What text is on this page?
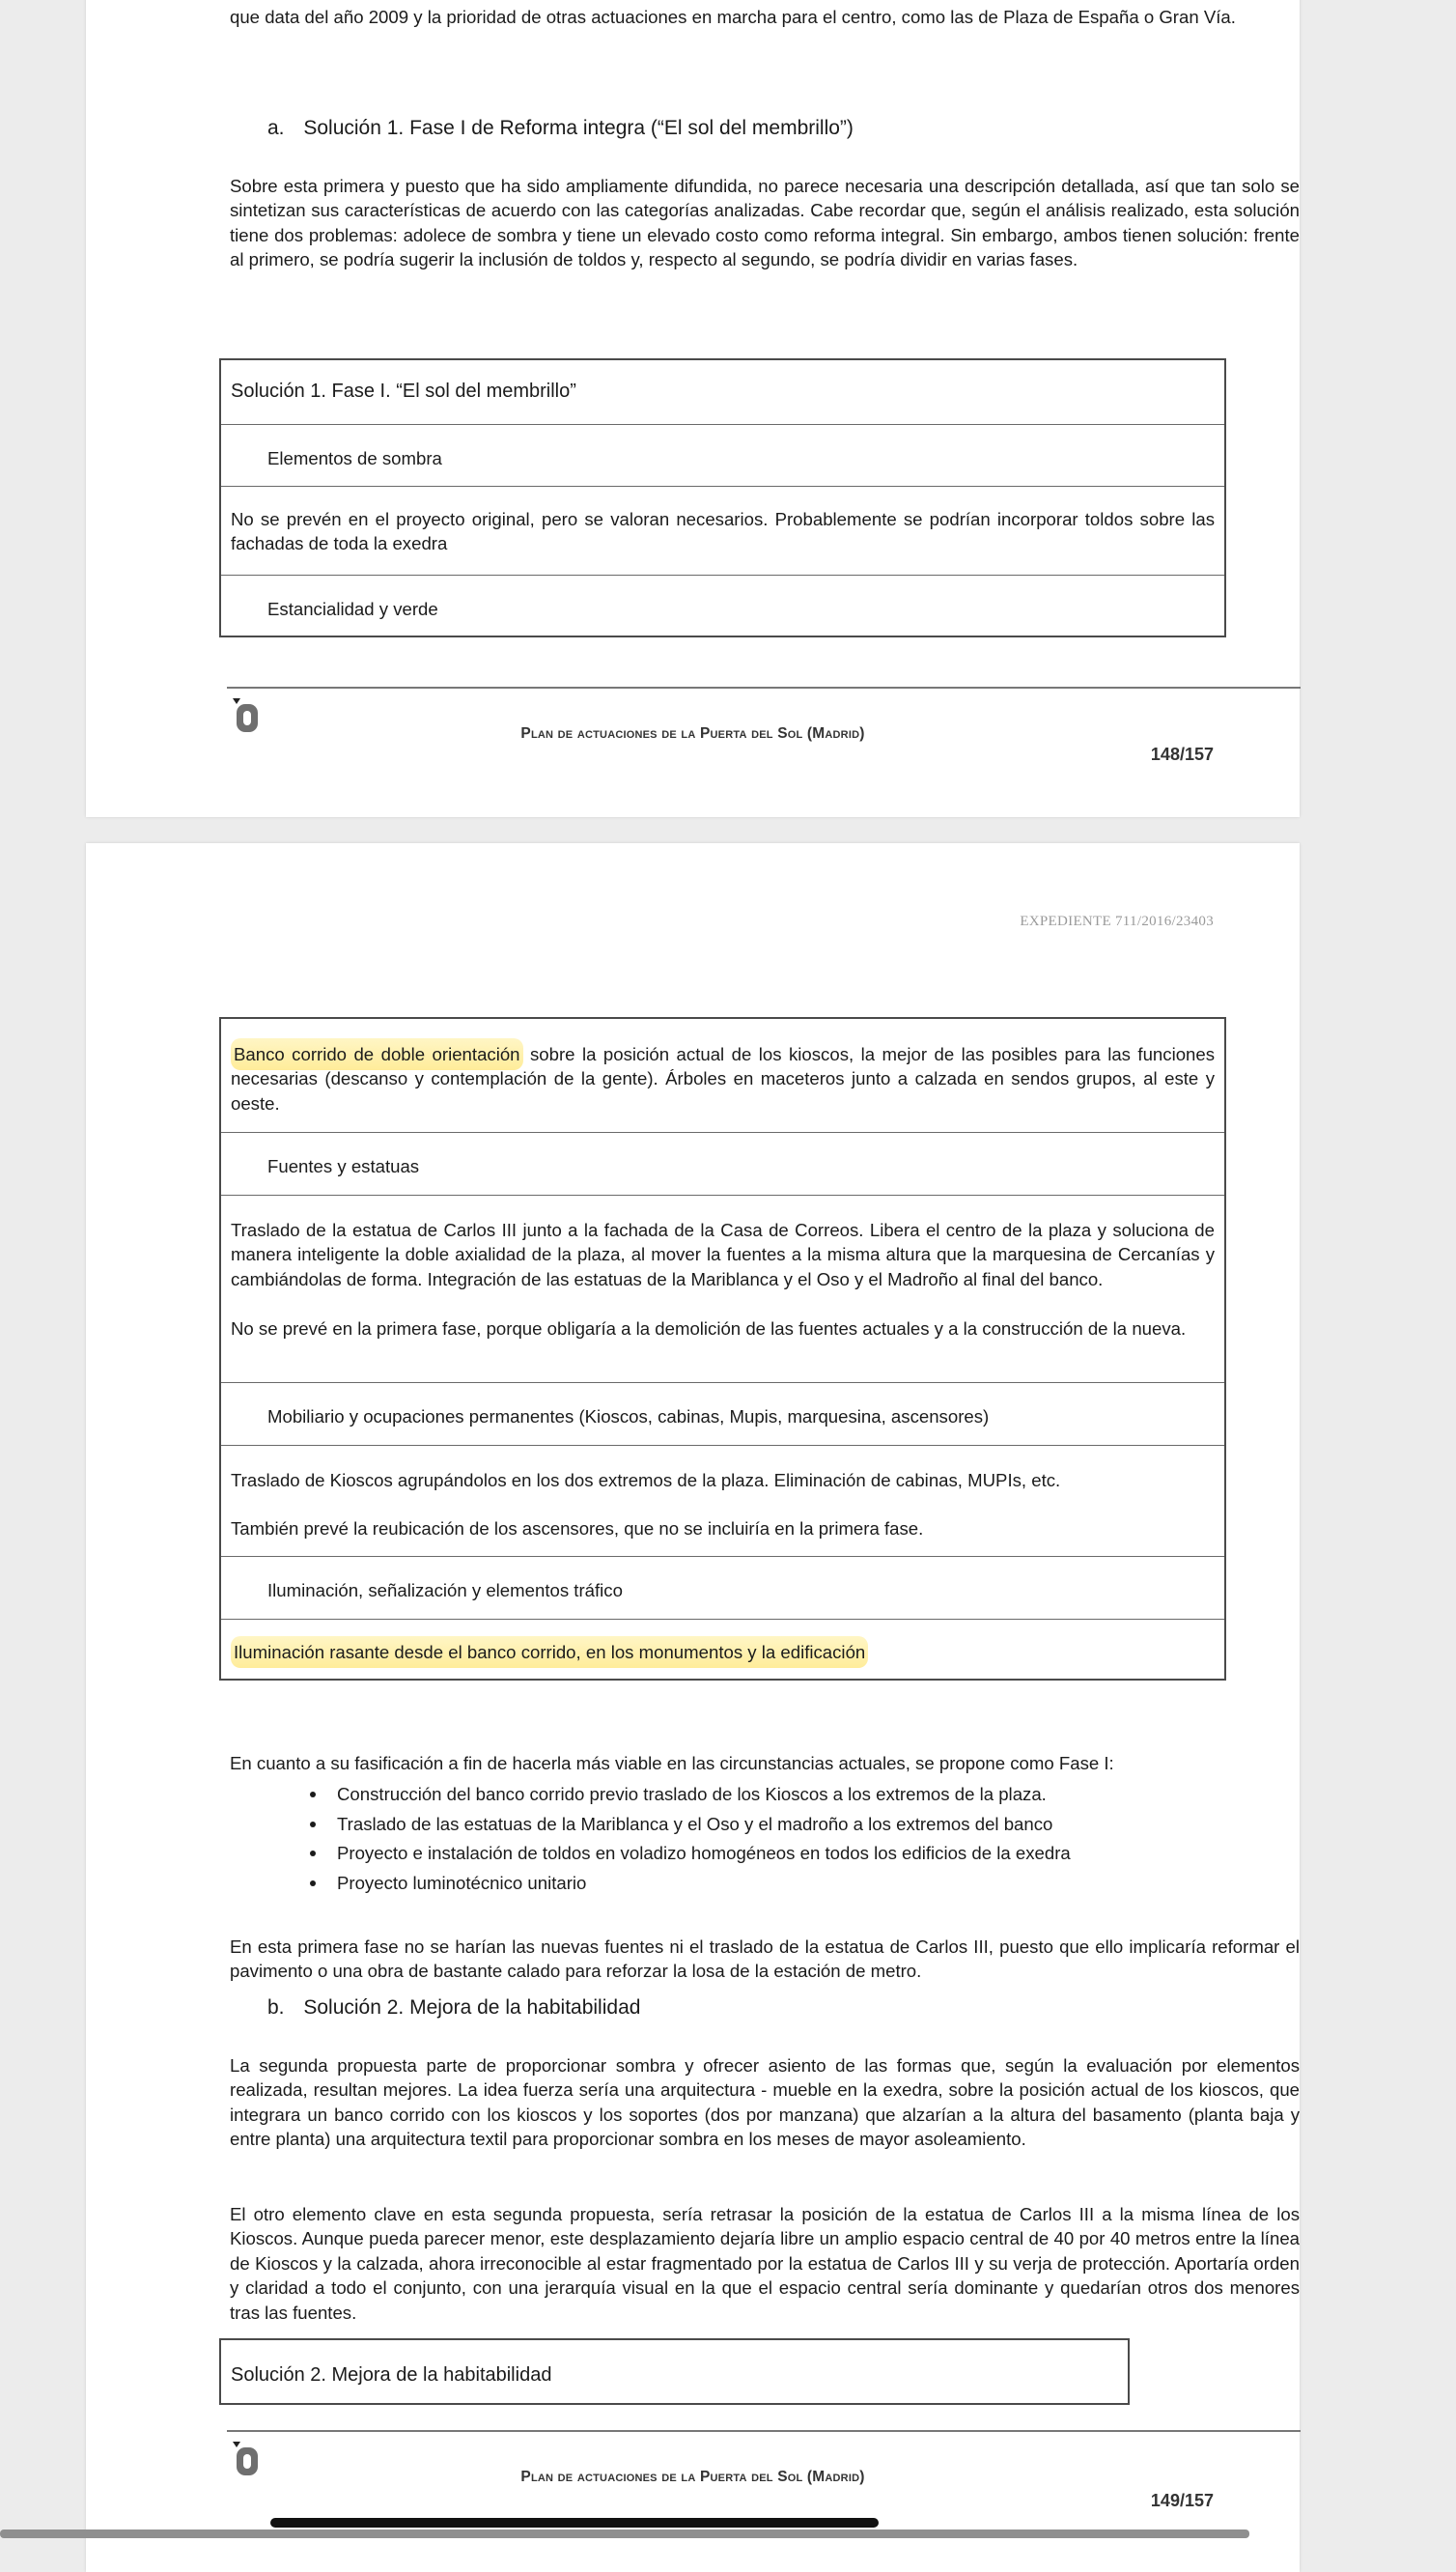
que data del año 2009 y la prioridad de otras actuaciones en marcha para el centro, como las de Plaza de España o Gran Vía.
a. Solución 1. Fase I de Reforma integra (“El sol del membrillo”)
Sobre esta primera y puesto que ha sido ampliamente difundida, no parece necesaria una descripción detallada, así que tan solo se sintetizan sus características de acuerdo con las categorías analizadas. Cabe recordar que, según el análisis realizado, esta solución tiene dos problemas: adolece de sombra y tiene un elevado costo como reforma integral. Sin embargo, ambos tienen solución: frente al primero, se podría sugerir la inclusión de toldos y, respecto al segundo, se podría dividir en varias fases.
Solución 1. Fase I. “El sol del membrillo”
Elementos de sombra
No se prevén en el proyecto original, pero se valoran necesarios. Probablemente se podrían incorporar toldos sobre las fachadas de toda la exedra
Estancialidad y verde
Plan de actuaciones de la Puerta del Sol (Madrid)
148/157
EXPEDIENTE 711/2016/23403
Banco corrido de doble orientación sobre la posición actual de los kioscos, la mejor de las posibles para las funciones necesarias (descanso y contemplación de la gente). Árboles en maceteros junto a calzada en sendos grupos, al este y oeste.
Fuentes y estatuas
Traslado de la estatua de Carlos III junto a la fachada de la Casa de Correos. Libera el centro de la plaza y soluciona de manera inteligente la doble axialidad de la plaza, al mover la fuentes a la misma altura que la marquesina de Cercanías y cambiándolas de forma. Integración de las estatuas de la Mariblanca y el Oso y el Madroño al final del banco.
No se prevé en la primera fase, porque obligaría a la demolición de las fuentes actuales y a la construcción de la nueva.
Mobiliario y ocupaciones permanentes (Kioscos, cabinas, Mupis, marquesina, ascensores)
Traslado de Kioscos agrupándolos en los dos extremos de la plaza. Eliminación de cabinas, MUPIs, etc.
También prevé la reubicación de los ascensores, que no se incluiría en la primera fase.
Iluminación, señalización y elementos tráfico
Iluminación rasante desde el banco corrido, en los monumentos y la edificación
En cuanto a su fasificación a fin de hacerla más viable en las circunstancias actuales, se propone como Fase I:
Construcción del banco corrido previo traslado de los Kioscos a los extremos de la plaza.
Traslado de las estatuas de la Mariblanca y el Oso y el madroño a los extremos del banco
Proyecto e instalación de toldos en voladizo homogéneos en todos los edificios de la exedra
Proyecto luminotécnico unitario
En esta primera fase no se harían las nuevas fuentes ni el traslado de la estatua de Carlos III, puesto que ello implicaría reformar el pavimento o una obra de bastante calado para reforzar la losa de la estación de metro.
b. Solución 2. Mejora de la habitabilidad
La segunda propuesta parte de proporcionar sombra y ofrecer asiento de las formas que, según la evaluación por elementos realizada, resultan mejores. La idea fuerza sería una arquitectura - mueble en la exedra, sobre la posición actual de los kioscos, que integrara un banco corrido con los kioscos y los soportes (dos por manzana) que alzarían a la altura del basamento (planta baja y entre planta) una arquitectura textil para proporcionar sombra en los meses de mayor asoleamiento.
El otro elemento clave en esta segunda propuesta, sería retrasar la posición de la estatua de Carlos III a la misma línea de los Kioscos. Aunque pueda parecer menor, este desplazamiento dejaría libre un amplio espacio central de 40 por 40 metros entre la línea de Kioscos y la calzada, ahora irreconocible al estar fragmentado por la estatua de Carlos III y su verja de protección. Aportaría orden y claridad a todo el conjunto, con una jerarquía visual en la que el espacio central sería dominante y quedarían otros dos menores tras las fuentes.
Solución 2. Mejora de la habitabilidad
Plan de actuaciones de la Puerta del Sol (Madrid)
149/157
